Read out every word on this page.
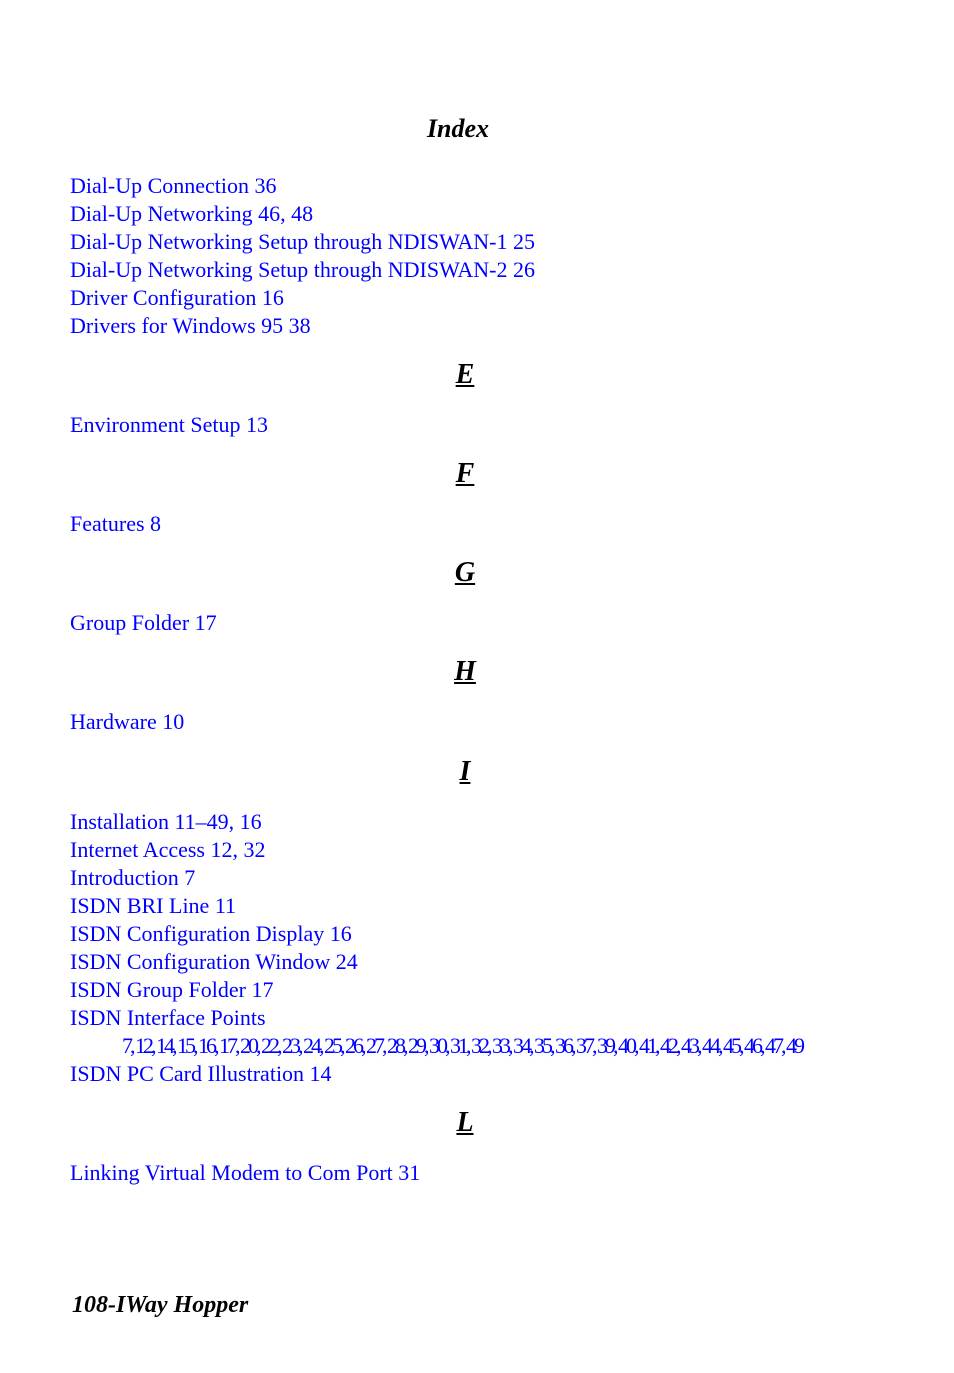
Index
Dial-Up Connection 36
Dial-Up Networking 46, 48
Dial-Up Networking Setup through NDISWAN-1 25
Dial-Up Networking Setup through NDISWAN-2 26
Driver Configuration 16
Drivers for Windows 95 38
E
Environment Setup 13
F
Features 8
G
Group Folder 17
H
Hardware 10
I
Installation 11–49, 16
Internet Access 12, 32
Introduction 7
ISDN BRI Line 11
ISDN Configuration Display 16
ISDN Configuration Window 24
ISDN Group Folder 17
ISDN Interface Points
7, 12, 14, 15, 16, 17, 20, 22, 23, 24, 25, 26, 27, 28, 29, 30, 31, 32, 33, 34, 35, 36, 37, 39, 40, 41, 42, 43, 44, 45, 46, 47, 49
ISDN PC Card Illustration 14
L
Linking Virtual Modem to Com Port 31
108-IWay Hopper
